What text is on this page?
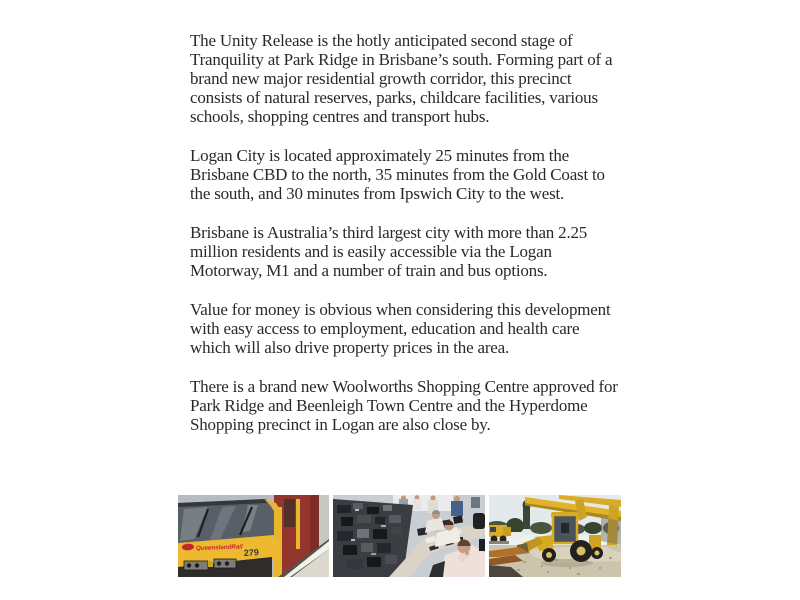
The Unity Release is the hotly anticipated second stage of
Tranquility at Park Ridge in Brisbane’s south. Forming part of a
brand new major residential growth corridor, this precinct
consists of natural reserves, parks, childcare facilities, various
schools, shopping centres and transport hubs.

Logan City is located approximately 25 minutes from the
Brisbane CBD to the north, 35 minutes from the Gold Coast to
the south, and 30 minutes from Ipswich City to the west.

Brisbane is Australia’s third largest city with more than 2.25
million residents and is easily accessible via the Logan
Motorway, M1 and a number of train and bus options.

Value for money is obvious when considering this development
with easy access to employment, education and health care
which will also drive property prices in the area.

There is a brand new Woolworths Shopping Centre approved for
Park Ridge and Beenleigh Town Centre and the Hyperdome
Shopping precinct in Logan are also close by.

QueenslandRail 279
